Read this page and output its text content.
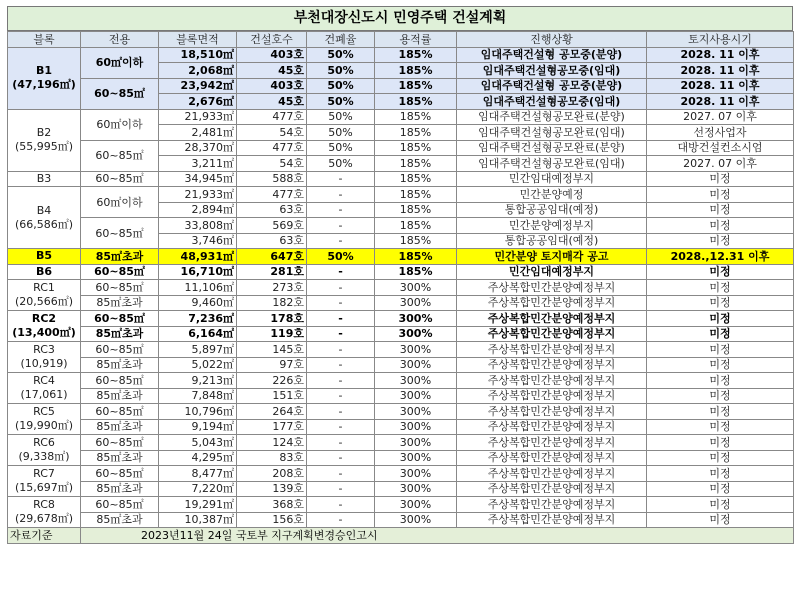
부천대장신도시 민영주택 건설계획
블록	전용	블록면적	건설호수	건폐율	용적률	진행상황	토지사용시기

B1
(47,196㎡)	60㎡이하	18,510㎡	403호	50%	185%	임대주택건설형 공모중(분양)	2028. 11 이후
		2,068㎡	45호	50%	185%	임대주택건설형공모중(임대)	2028. 11 이후
	60~85㎡	23,942㎡	403호	50%	185%	임대주택건설형 공모중(분양)	2028. 11 이후
		2,676㎡	45호	50%	185%	임대주택건설형공모중(임대)	2028. 11 이후

B2
(55,995㎡)	60㎡이하	21,933㎡	477호	50%	185%	임대주택건설형공모완료(분양)	2027. 07 이후
		2,481㎡	54호	50%	185%	임대주택건설형공모완료(임대)	선정사업자
	60~85㎡	28,370㎡	477호	50%	185%	임대주택건설형공모완료(분양)	대방건설컨소시엄
		3,211㎡	54호	50%	185%	임대주택건설형공모완료(임대)	2027. 07 이후

B3	60~85㎡	34,945㎡	588호	-	185%	민간임대예정부지	미정

B4
(66,586㎡)	60㎡이하	21,933㎡	477호	-	185%	민간분양예정	미정
		2,894㎡	63호	-	185%	통합공공임대(예정)	미정
	60~85㎡	33,808㎡	569호	-	185%	민간분양예정부지	미정
		3,746㎡	63호	-	185%	통합공공임대(예정)	미정

B5	85㎡초과	48,931㎡	647호	50%	185%	민간분양 토지매각 공고	2028.,12.31 이후

B6	60~85㎡	16,710㎡	281호	-	185%	민간임대예정부지	미정

RC1
(20,566㎡)	60~85㎡	11,106㎡	273호	-	300%	주상복합민간분양예정부지	미정
	85㎡초과	9,460㎡	182호	-	300%	주상복합민간분양예정부지	미정

RC2
(13,400㎡)	60~85㎡	7,236㎡	178호	-	300%	주상복합민간분양예정부지	미정
	85㎡초과	6,164㎡	119호	-	300%	주상복합민간분양예정부지	미정

RC3
(10,919)	60~85㎡	5,897㎡	145호	-	300%	주상복합민간분양예정부지	미정
	85㎡초과	5,022㎡	97호	-	300%	주상복합민간분양예정부지	미정

RC4
(17,061)	60~85㎡	9,213㎡	226호	-	300%	주상복합민간분양예정부지	미정
	85㎡초과	7,848㎡	151호	-	300%	주상복합민간분양예정부지	미정

RC5
(19,990㎡)	60~85㎡	10,796㎡	264호	-	300%	주상복합민간분양예정부지	미정
	85㎡초과	9,194㎡	177호	-	300%	주상복합민간분양예정부지	미정

RC6
(9,338㎡)	60~85㎡	5,043㎡	124호	-	300%	주상복합민간분양예정부지	미정
	85㎡초과	4,295㎡	83호	-	300%	주상복합민간분양예정부지	미정

RC7
(15,697㎡)	60~85㎡	8,477㎡	208호	-	300%	주상복합민간분양예정부지	미정
	85㎡초과	7,220㎡	139호	-	300%	주상복합민간분양예정부지	미정

RC8
(29,678㎡)	60~85㎡	19,291㎡	368호	-	300%	주상복합민간분양예정부지	미정
	85㎡초과	10,387㎡	156호	-	300%	주상복합민간분양예정부지	미정
자료기준	2023년11월 24일 국토부 지구계획변경승인고시						
